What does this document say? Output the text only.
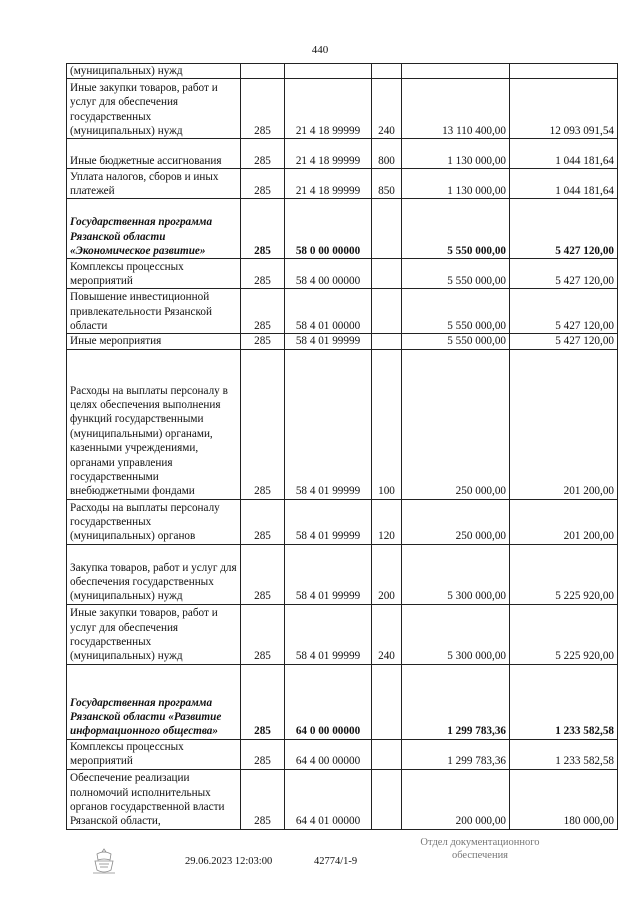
440
(муниципальных) нужд					
Иные закупки товаров, работ и услуг для обеспечения государственных (муниципальных) нужд	285	21 4 18 99999	240	13 110 400,00	12 093 091,54
Иные бюджетные ассигнования	285	21 4 18 99999	800	1 130 000,00	1 044 181,64
Уплата налогов, сборов и иных платежей	285	21 4 18 99999	850	1 130 000,00	1 044 181,64
Государственная программа Рязанской области «Экономическое развитие»	285	58 0 00 00000		5 550 000,00	5 427 120,00
Комплексы процессных мероприятий	285	58 4 00 00000		5 550 000,00	5 427 120,00
Повышение инвестиционной привлекательности Рязанской области	285	58 4 01 00000		5 550 000,00	5 427 120,00
Иные мероприятия	285	58 4 01 99999		5 550 000,00	5 427 120,00
Расходы на выплаты персоналу в целях обеспечения выполнения функций государственными (муниципальными) органами, казенными учреждениями, органами управления государственными внебюджетными фондами	285	58 4 01 99999	100	250 000,00	201 200,00
Расходы на выплаты персоналу государственных (муниципальных) органов	285	58 4 01 99999	120	250 000,00	201 200,00
Закупка товаров, работ и услуг для обеспечения государственных (муниципальных) нужд	285	58 4 01 99999	200	5 300 000,00	5 225 920,00
Иные закупки товаров, работ и услуг для обеспечения государственных (муниципальных) нужд	285	58 4 01 99999	240	5 300 000,00	5 225 920,00
Государственная программа Рязанской области «Развитие информационного общества»	285	64 0 00 00000		1 299 783,36	1 233 582,58
Комплексы процессных мероприятий	285	64 4 00 00000		1 299 783,36	1 233 582,58
Обеспечение реализации полномочий исполнительных органов государственной власти Рязанской области,	285	64 4 01 00000		200 000,00	180 000,00
29.06.2023 12:03:00	42774/1-9
Отдел документационного
обеспечения
